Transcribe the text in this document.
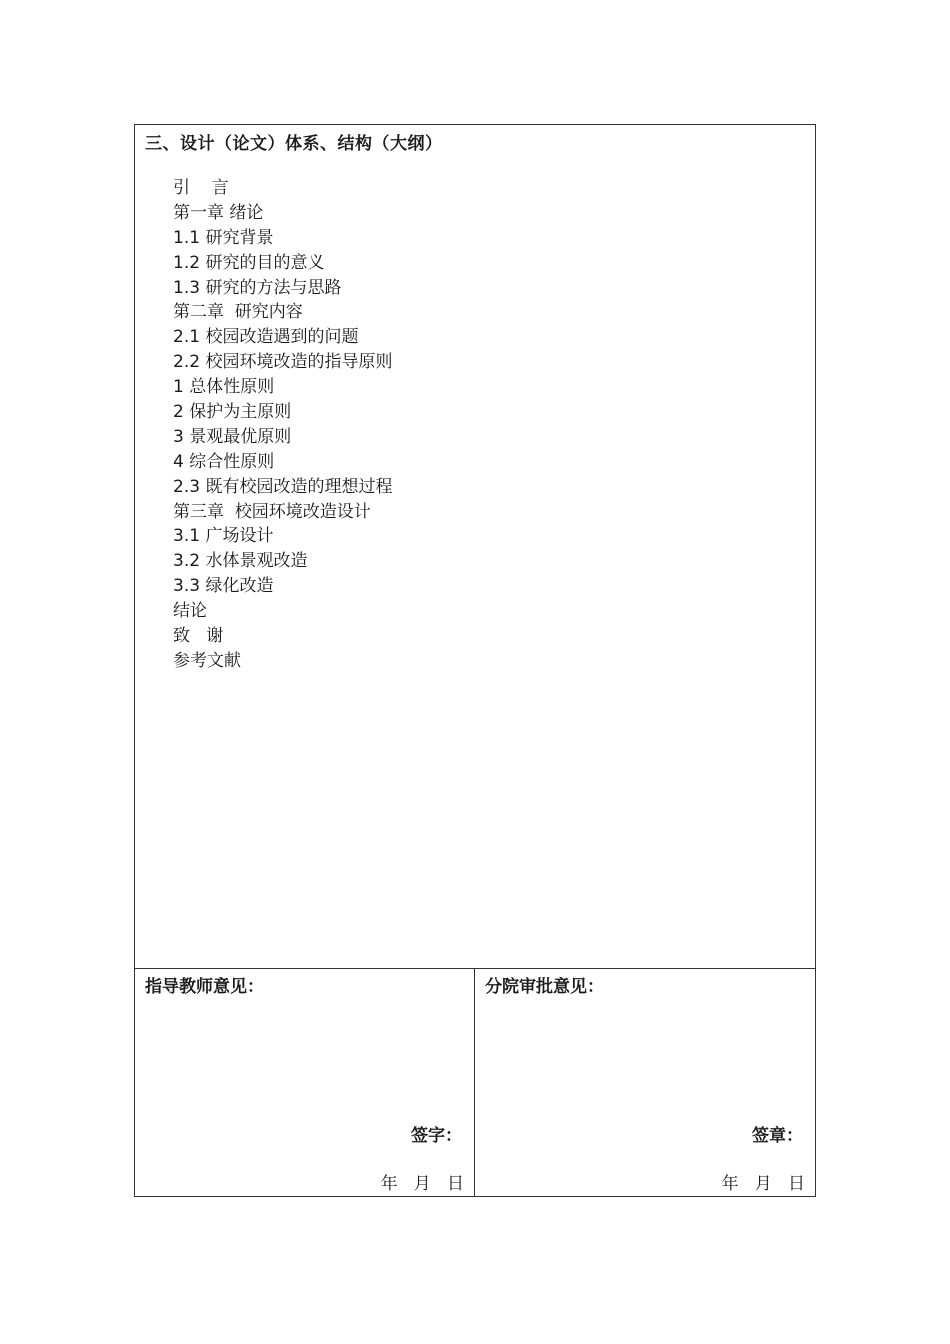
三、设计（论文）体系、结构（大纲）
引    言
第一章 绪论
1.1 研究背景
1.2 研究的目的意义
1.3 研究的方法与思路
第二章  研究内容
2.1 校园改造遇到的问题
2.2 校园环境改造的指导原则
1 总体性原则
2 保护为主原则
3 景观最优原则
4 综合性原则
2.3 既有校园改造的理想过程
第三章  校园环境改造设计
3.1 广场设计
3.2 水体景观改造
3.3 绿化改造
结论
致   谢
参考文献
指导教师意见：
签字：
年   月   日
分院审批意见：
签章：
年   月   日
